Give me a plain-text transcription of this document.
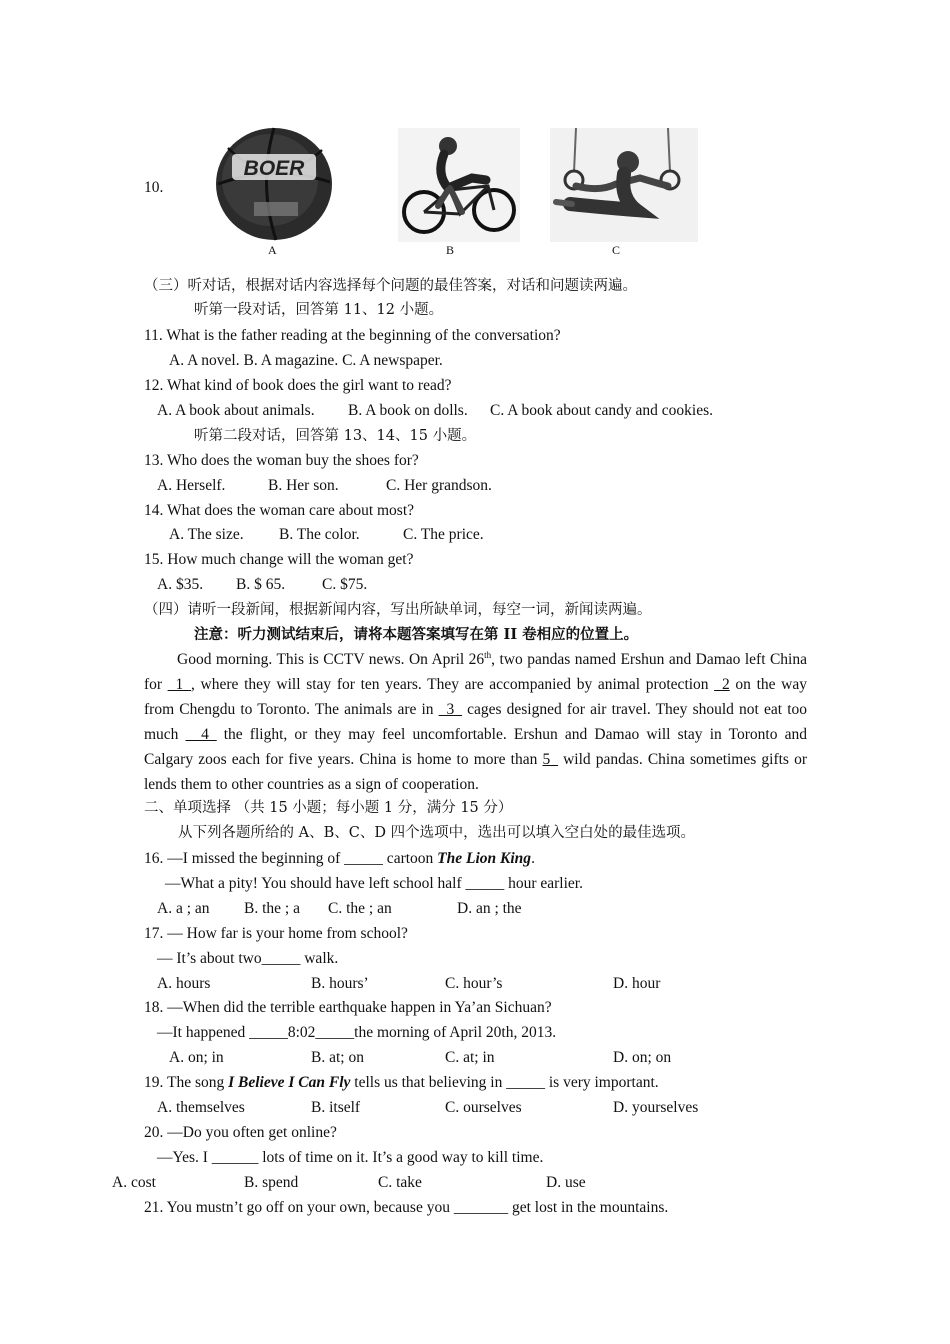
10.
BOER
A	B	C
（三）听对话，根据对话内容选择每个问题的最佳答案，对话和问题读两遍。
听第一段对话，回答第 11、12 小题。
11. What is the father reading at the beginning of the conversation?
A. A novel. B. A magazine. C. A newspaper.
12. What kind of book does the girl want to read?
A. A book about animals. B. A book on dolls. C. A book about candy and cookies.
听第二段对话，回答第 13、14、15 小题。
13. Who does the woman buy the shoes for?
A. Herself.	B. Her son.	C. Her grandson.
14. What does the woman care about most?
A. The size. B. The color.	C. The price.
15. How much change will the woman get?
A. $35. B. $ 65. C. $75.
（四）请听一段新闻，根据新闻内容，写出所缺单词，每空一词，新闻读两遍。
注意：听力测试结束后，请将本题答案填写在第 II 卷相应的位置上。
Good morning. This is CCTV news. On April 26th, two pandas named Ershun and Damao left China for _1_, where they will stay for ten years. They are accompanied by animal protection _2 on the way from Chengdu to Toronto. The animals are in _3_ cages designed for air travel. They should not eat too much __4_ the flight, or they may feel uncomfortable. Ershun and Damao will stay in Toronto and Calgary zoos each for five years. China is home to more than 5_ wild pandas. China sometimes gifts or lends them to other countries as a sign of cooperation.
二、单项选择 （共 15 小题；每小题 1 分，满分 15 分）
从下列各题所给的 A、B、C、D 四个选项中，选出可以填入空白处的最佳选项。
16. —I missed the beginning of _____ cartoon The Lion King.
—What a pity! You should have left school half _____ hour earlier.
A. a ; an B. the ; a C. the ; an	D. an ; the
17. — How far is your home from school?
— It’s about two_____ walk.
A. hours	B. hours’	C. hour’s	D. hour
18. —When did the terrible earthquake happen in Ya’an Sichuan?
—It happened _____8:02_____the morning of April 20th, 2013.
A. on; in	B. at; on	C. at; in	D. on; on
19. The song I Believe I Can Fly tells us that believing in _____ is very important.
A. themselves	B. itself	C. ourselves	D. yourselves
20. —Do you often get online?
—Yes. I ______ lots of time on it. It’s a good way to kill time.
A. cost	B. spend	C. take	D. use
21. You mustn’t go off on your own, because you _______ get lost in the mountains.
